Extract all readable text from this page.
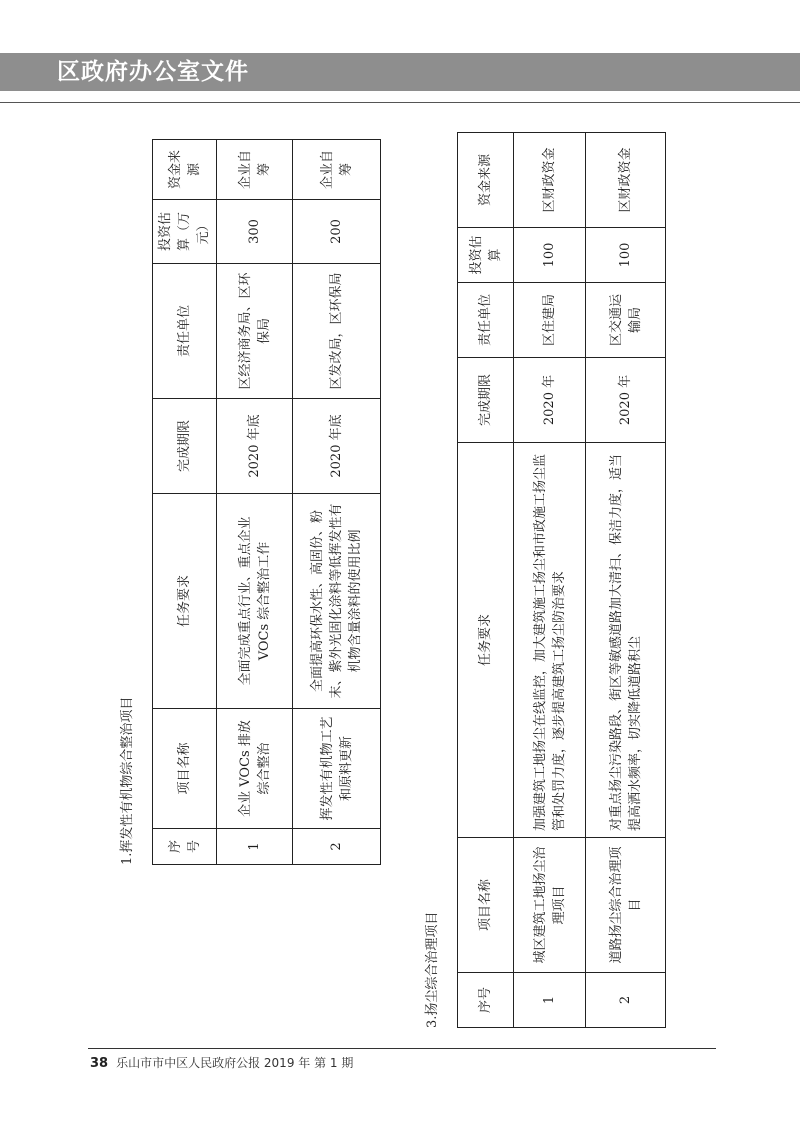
区政府办公室文件
1.挥发性有机物综合整治项目	序号	项目名称	任务要求	完成期限	责任单位	投资估算（万元）	资金来源
1	企业 VOCs 排放综合整治	全面完成重点行业、重点企业 VOCs 综合整治工作	2020 年底	区经济商务局、区环保局	300	企业自筹
2	挥发性有机物工艺和原料更新	全面提高环保水性、高固份、粉末、紫外光固化涂料等低挥发性有机物含量涂料的使用比例	2020 年底	区发改局，区环保局	200	企业自筹
3.扬尘综合治理项目	序号	项目名称	任务要求	完成期限	责任单位	投资估算	资金来源
1	城区建筑工地扬尘治理项目	加强建筑工地扬尘在线监控，加大建筑施工扬尘和市政施工扬尘监管和处罚力度，逐步提高建筑工扬尘防治要求	2020 年	区住建局	100	区财政资金
2	道路扬尘综合治理项目	对重点扬尘污染路段、街区等敏感道路加大清扫、保洁力度，适当提高洒水频率，切实降低道路积尘	2020 年	区交通运输局	100	区财政资金
38 乐山市市中区人民政府公报 2019 年 第 1 期
